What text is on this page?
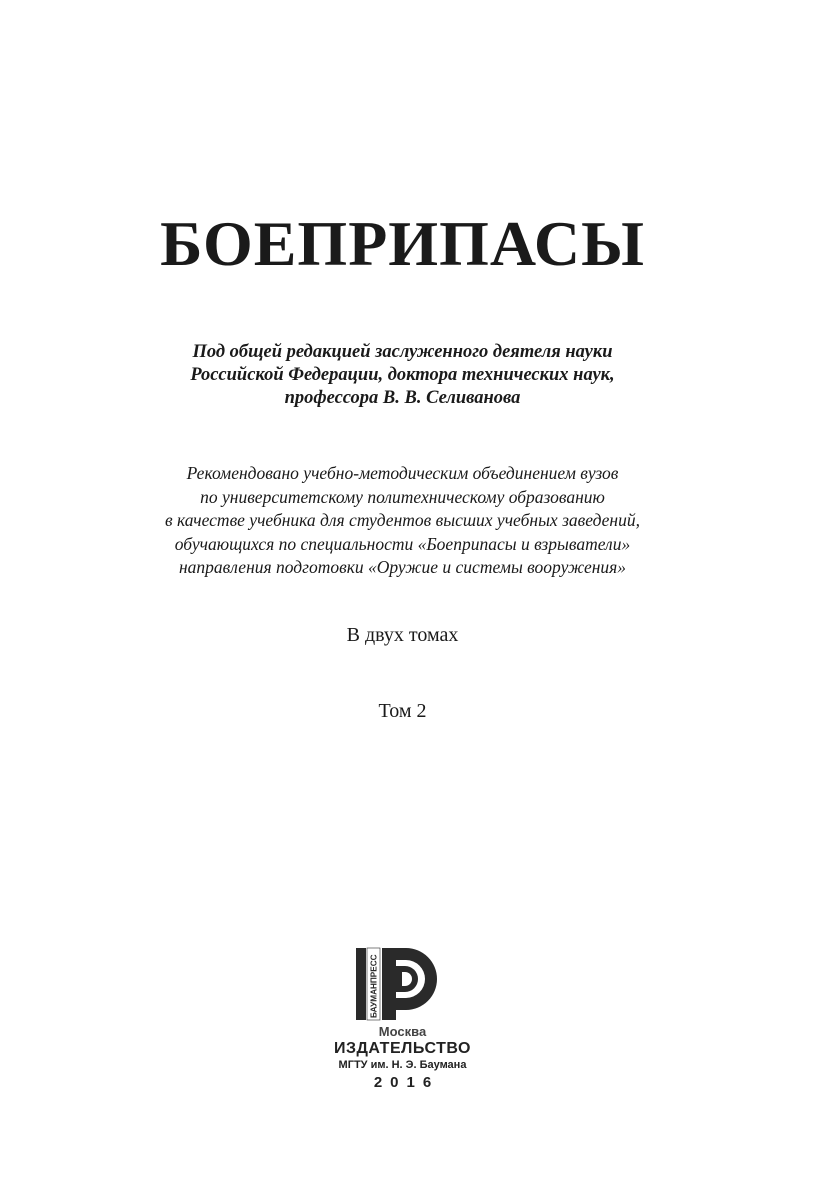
БОЕПРИПАСЫ
Под общей редакцией заслуженного деятеля науки
Российской Федерации, доктора технических наук,
профессора В. В. Селиванова
Рекомендовано учебно-методическим объединением вузов
по университетскому политехническому образованию
в качестве учебника для студентов высших учебных заведений,
обучающихся по специальности «Боеприпасы и взрыватели»
направления подготовки «Оружие и системы вооружения»
В двух томах
Том 2
БАУМАНПРЕСС
Москва
ИЗДАТЕЛЬСТВО
МГТУ им. Н. Э. Баумана
2016
